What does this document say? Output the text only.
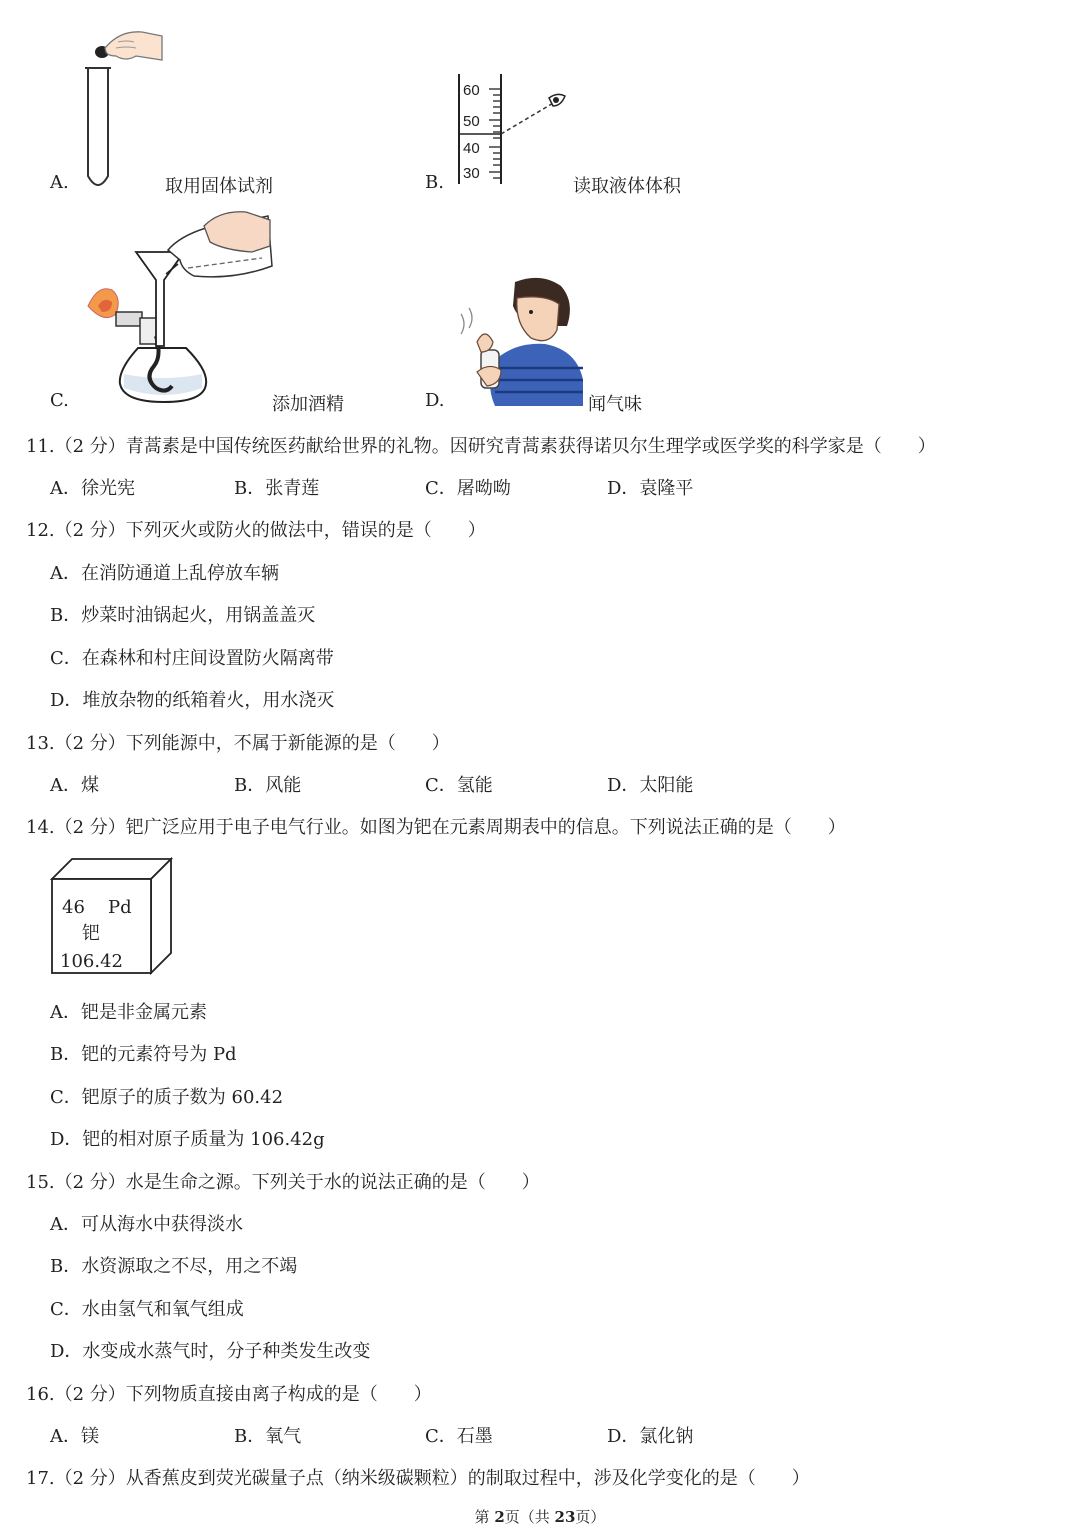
A.	取用固体试剂
60
50
40
30
B.	读取液体体积
C.	添加酒精	D.	闻气味
11.（2 分）青蒿素是中国传统医药献给世界的礼物。因研究青蒿素获得诺贝尔生理学或医学奖的科学家是（　　）
A．徐光宪	B．张青莲	C．屠呦呦	D．袁隆平
12.（2 分）下列灭火或防火的做法中，错误的是（　　）
A．在消防通道上乱停放车辆
B．炒菜时油锅起火，用锅盖盖灭
C．在森林和村庄间设置防火隔离带
D．堆放杂物的纸箱着火，用水浇灭
13.（2 分）下列能源中，不属于新能源的是（　　）
A．煤	B．风能	C．氢能	D．太阳能
14.（2 分）钯广泛应用于电子电气行业。如图为钯在元素周期表中的信息。下列说法正确的是（　　）
46 Pd
钯
106.42
A．钯是非金属元素
B．钯的元素符号为 Pd
C．钯原子的质子数为 60.42
D．钯的相对原子质量为 106.42g
15.（2 分）水是生命之源。下列关于水的说法正确的是（　　）
A．可从海水中获得淡水
B．水资源取之不尽，用之不竭
C．水由氢气和氧气组成
D．水变成水蒸气时，分子种类发生改变
16.（2 分）下列物质直接由离子构成的是（　　）
A．镁	B．氧气	C．石墨	D．氯化钠
17.（2 分）从香蕉皮到荧光碳量子点（纳米级碳颗粒）的制取过程中，涉及化学变化的是（　　）
第 2页（共 23页）
